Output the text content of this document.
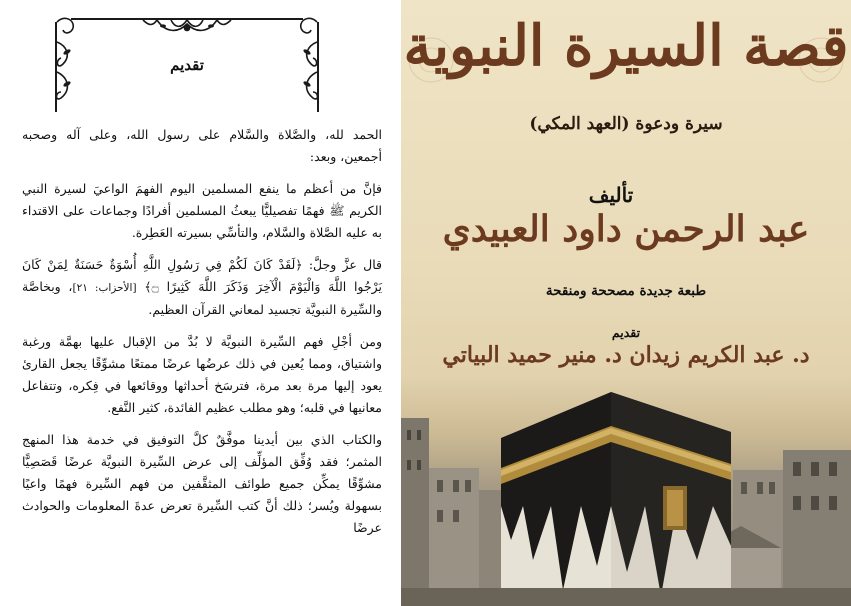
تقديم

الحمد لله، والصَّلاة والسَّلام على رسول الله، وعلى آله وصحبه أجمعين، وبعد:

فإنَّ من أعظم ما ينفع المسلمين اليوم الفهمَ الواعيَ لسيرة النبي الكريم ﷺ فهمًا تفصيليًّا يبعثُ المسلمين أفرادًا وجماعات على الاقتداء به عليه الصَّلاة والسَّلام، والتأسِّي بسيرته العَطِرة.

قال عزَّ وجلَّ: ﴿لَقَدْ كَانَ لَكُمْ فِي رَسُولِ اللَّهِ أُسْوَةٌ حَسَنَةٌ لِمَنْ كَانَ يَرْجُوا اللَّهَ وَالْيَوْمَ الْآخِرَ وَذَكَرَ اللَّهَ كَثِيرًا ۝﴾ [الأحزاب: ٢١]، وبخاصَّة والسِّيرة النبويَّة تجسيد لمعاني القرآن العظيم.

ومن أجْلِ فهم السِّيرة النبويَّة لا بُدَّ من الإقبال عليها بهمَّة ورغبة واشتياق، ومما يُعين في ذلك عرضُها عرضًا ممتعًا مشوِّقًا يجعل القارئ يعود إليها مرة بعد مرة، فترسَخ أحداثها ووقائعها في فِكره، وتتفاعل معانيها في قلبه؛ وهو مطلب عظيم الفائدة، كثير النَّفع.

والكتاب الذي بين أيدينا موفَّقٌ كلَّ التوفيق في خدمة هذا المنهج المثمر؛ فقد وُفِّق المؤلِّف إلى عرض السِّيرة النبويَّة عرضًا قَصَصِيًّا مشوِّقًا يمكِّن جميع طوائف المثقَّفين من فهم السِّيرة فهمًا واعيًا بسهولة ويُسر؛ ذلك أنَّ كتب السِّيرة تعرض عدةَ المعلومات والحوادث عرضًا

قصة السيرة النبوية
سيرة ودعوة (العهد المكي)
تأليف
عبد الرحمن داود العبيدي
طبعة جديدة مصححة ومنقحة
تقديم
د. عبد الكريم زيدان د. منير حميد البياتي
